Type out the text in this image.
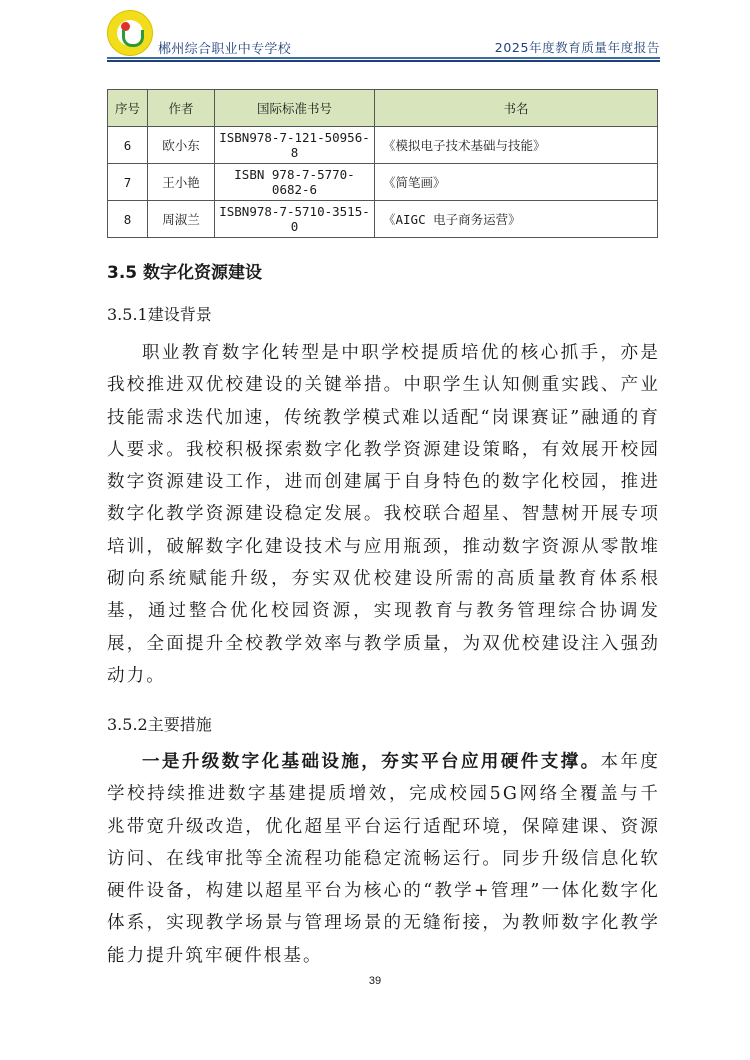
郴州综合职业中专学校	2025年度教育质量年度报告
序号	作者	国际标准书号	书名
6	欧小东	ISBN978-7-121-50956-8	《模拟电子技术基础与技能》
7	王小艳	ISBN 978-7-5770-0682-6	《简笔画》
8	周淑兰	ISBN978-7-5710-3515-0	《AIGC 电子商务运营》
3.5 数字化资源建设
3.5.1建设背景
职业教育数字化转型是中职学校提质培优的核心抓手，亦是我校推进双优校建设的关键举措。中职学生认知侧重实践、产业技能需求迭代加速，传统教学模式难以适配“岗课赛证”融通的育人要求。我校积极探索数字化教学资源建设策略，有效展开校园数字资源建设工作，进而创建属于自身特色的数字化校园，推进数字化教学资源建设稳定发展。我校联合超星、智慧树开展专项培训，破解数字化建设技术与应用瓶颈，推动数字资源从零散堆砌向系统赋能升级，夯实双优校建设所需的高质量教育体系根基，通过整合优化校园资源，实现教育与教务管理综合协调发展，全面提升全校教学效率与教学质量，为双优校建设注入强劲动力。
3.5.2主要措施
一是升级数字化基础设施，夯实平台应用硬件支撑。本年度学校持续推进数字基建提质增效，完成校园5G网络全覆盖与千兆带宽升级改造，优化超星平台运行适配环境，保障建课、资源访问、在线审批等全流程功能稳定流畅运行。同步升级信息化软硬件设备，构建以超星平台为核心的“教学+管理”一体化数字化体系，实现教学场景与管理场景的无缝衔接，为教师数字化教学能力提升筑牢硬件根基。
39
